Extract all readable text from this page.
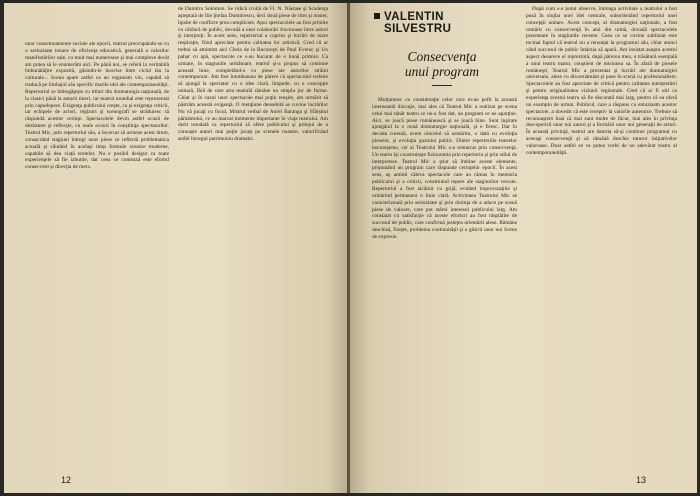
unor consemnamente sociale ale epocii, teatrul preocupându-se cu o seriozitate tenace de eficienţa educativă, generală a valorilor manifestărilor sale, cu mult mai numeroase şi mai complexe decât am putea să le enumerăm aici. Pe până noi, se referă la veritabilă îmbunătăţire expozită, găsindu-le înscrise între ciclul tău la culturale... Scena apare astfel ca un organism viu, capabil să traducă pe limbajul său specific marile idei ale contemporaneităţii. Repertoriul se îmbogăţeşte cu titluri din dramaturgia naţională, de la clasici până la autorii tineri, iar teatrul mondial este reprezentat prin capodopere. Exigenţa publicului creşte, ca şi exigenţa criticii, iar echipele de actori, regizori şi scenografi se străduiesc să răspundă acestor cerinţe. Spectacolele devin astfel ocazii de dezbatere şi reflecţie, cu reale ecouri în conştiinţa spectatorilor. Teatrul Mic, prin repertoriul său, a încercat să urmeze acest drum, consacrând stagiuni întregi unor piese ce reflectă problematica actuală şi căutând în acelaşi timp formule scenice moderne, capabile să dea viaţă textelor. Nu e posibil desigur ca toate experienţele să fie izbutite, dar ceea ce contează este efortul consecvent şi direcţia de mers.

de Dumitru Solomon. Se ridică croită de Fl. N. Năstase şi Scadenţa aşteptată de Ilie Ştefan Dumitrescu, deci două piese de ritm şi mister, lipsite de conflicte prea complicate. Apoi spectacolele au fost primite cu căldură de public, dovadă a unei colaborări fructuoase între autori şi interpreţi. În acest sens, repertoriul a cuprins şi lucrări de mare respiraţie, fiind apreciate pentru calitatea lor artistică. Cred că ar trebui să amintim aici Cheia de la Bucureşti de Paul Everac şi Un pahar cu apă, spectacole ce s-au bucurat de o bună primire. Ca urmare, în stagiunile următoare, teatrul şi-a propus să continue această linie, completând-o cu piese ale autorilor străini contemporani. Am fost întotdeauna de părere că spectacolul trebuie să ajungă la spectator cu o idee clară, limpede, cu o concepţie unitară, fără de care arta teatrală rămâne un simplu joc de forme. Chiar şi în cazul unor spectacole mai puţin reuşite, am urmărit să păstrăm această exigenţă. O menţiune deosebită se cuvine lucrărilor Nu vă jucaţi cu focul, Mistrul verbal de Aurel Baranga şi Sfârşitul pământului, ce au marcat momente importante în viaţa teatrului. Am dorit totodată ca repertoriul să ofere publicului şi prilejul de a cunoaşte autori mai puţin jucaţi pe scenele noastre, valorificând astfel întregul patrimoniu dramatic.

12
VALENTIN
SILVESTRU
Consecvenţa
unui program

Mulţumesc cu consideraţie celor care m-au pofit la această interesantă discuţie, mai ales că Teatrul Mic a realizat pe scena celui mai tânăr teatru ce ne-a fost dat, un program ce ne aparţine. Aici, se joacă piese românească şi se joacă bine. Sunt înşirate ajungând la o nouă dramaturgie naţională, şi e firesc. Dar în decada curentă, avem obiceiul să urmărim, o dată cu evoluţia pieselor, şi evoluţia gustului public. Dintre repertoriile teatrelor bucureştene, cel al Teatrului Mic s-a remarcat prin consecvenţă. Un teatru îşi construieşte fizionomia prin repertoriu şi prin stilul de interpretare. Teatrul Mic a ştiut să îmbine aceste elemente, propunând un program care răspunde cerinţelor epocii. În acest sens, aş aminti câteva spectacole care au rămas în memoria publicului şi a criticii, constituind repere ale stagiunilor trecute. Repertoriul a fost alcătuit cu grijă, evitând improvizaţiile şi urmărind permanent o linie clară. Activitatea Teatrului Mic se caracterizează prin seriozitate şi prin dorinţa de a aduce pe scenă piese de valoare, care pot stârni interesul publicului larg. Am constatat cu satisfacţie că aceste eforturi au fost răsplătite de succesul de public, care confirmă justeţea orientării alese. Rămâne deschisă, fireşte, problema continuităţii şi a găsirii unor noi forme de expresie.

După cum s-a putut observa, întreaga activitate a teatrului a fost pusă în slujba unei idei centrale, subordonând repertoriul unei concepţii unitare. Acest concept, al dramaturgiei naţionale, a fost urmărit cu consecvenţă în anii din urmă, dovadă spectacolele prezentate în stagiunile recente. Ceea ce se cuvine subliniat este tocmai faptul că teatrul nu a renunţat la programul său, chiar atunci când succesul de public întârzia să apară. Am insistat asupra acestui aspect deoarece el reprezintă, după părerea mea, o trăsătură esenţială a unui teatru matur, conştient de misiunea sa. În afară de piesele româneşti, Teatrul Mic a prezentat şi lucrări ale dramaturgiei universale, alese cu discernământ şi puse în scenă cu profesionalism. Spectacolele au fost apreciate de critică pentru calitatea interpretării şi pentru originalitatea viziunii regizorale. Cred că ar fi util ca experienţa acestui teatru să fie discutată mai larg, pentru că ea oferă un exemplu de urmat. Publicul, care a răspuns cu entuziasm acestor spectacole, a dovedit că este receptiv la valorile autentice. Trebuie să recunoaştem însă că mai sunt multe de făcut, mai ales în privinţa descoperirii unor noi autori şi a formării unor noi generaţii de actori. În această privinţă, teatrul are datoria să-şi continue programul cu aceeaşi consecvenţă şi să rămână deschis tuturor iniţiativelor valoroase. Doar astfel se va putea vorbi de un adevărat teatru al contemporaneităţii.

13
